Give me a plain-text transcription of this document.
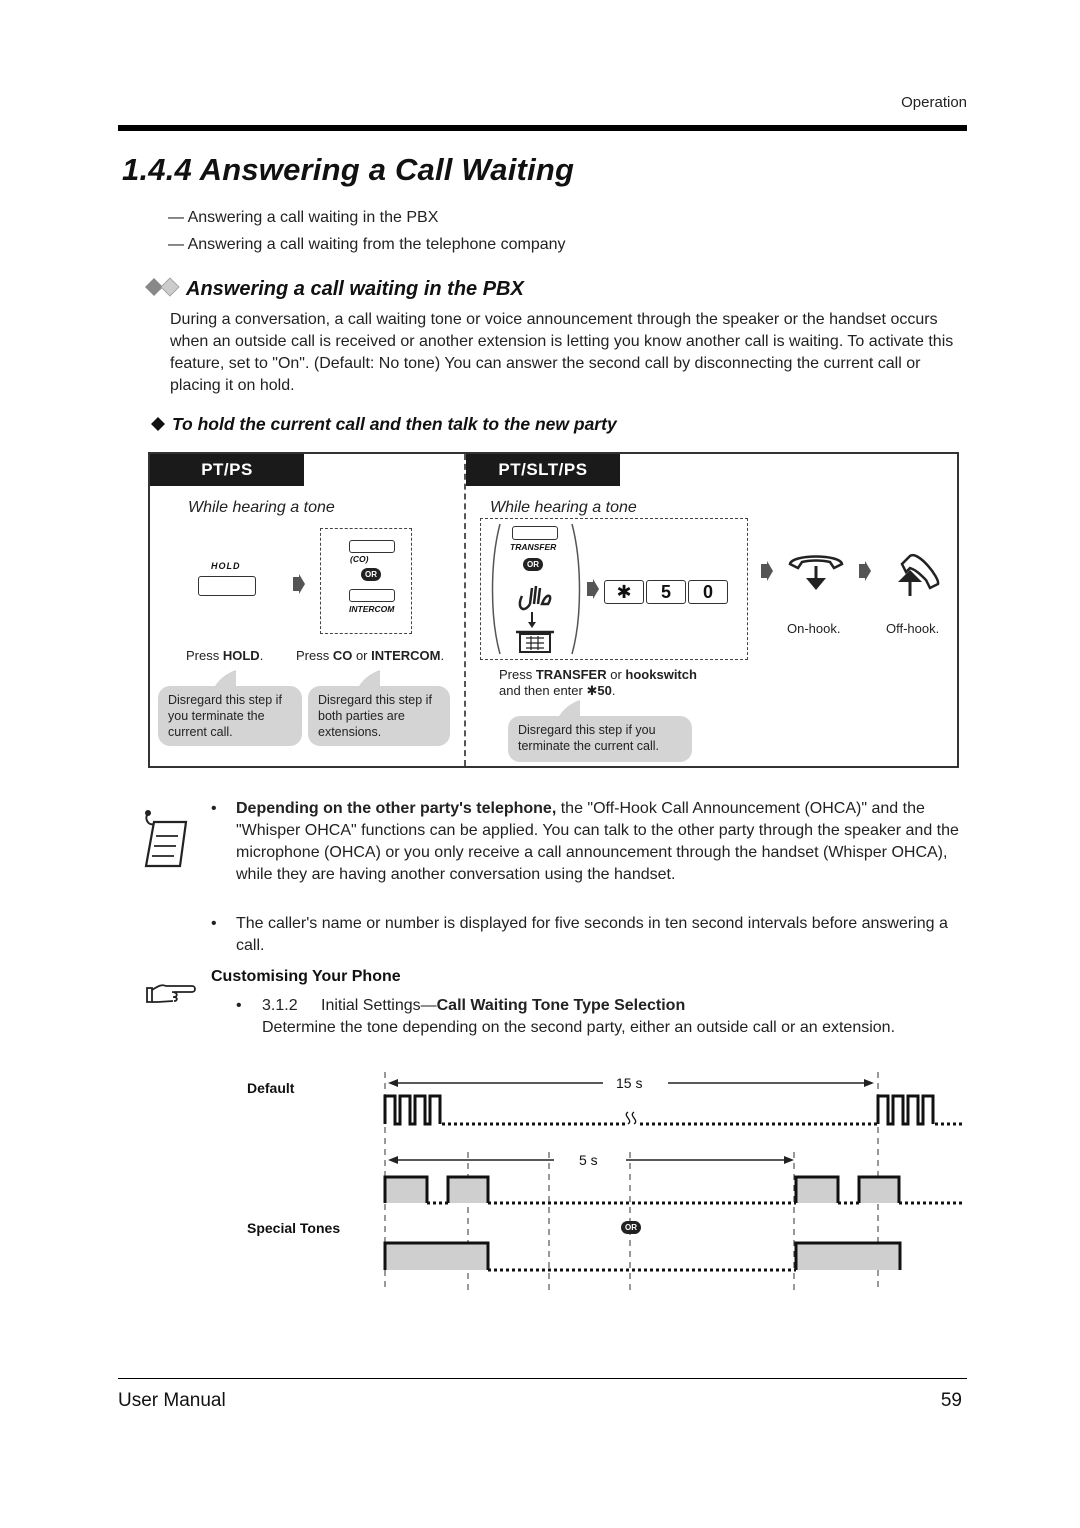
Operation
1.4.4 Answering a Call Waiting
— Answering a call waiting in the PBX
— Answering a call waiting from the telephone company
Answering a call waiting in the PBX
During a conversation, a call waiting tone or voice announcement through the speaker or the handset occurs when an outside call is received or another extension is letting you know another call is waiting. To activate this feature, set to "On". (Default: No tone) You can answer the second call by disconnecting the current call or placing it on hold.
To hold the current call and then talk to the new party
PT/PS
While hearing a tone
HOLD
(CO)
OR
INTERCOM
Press HOLD.	Press CO or INTERCOM.
Disregard this step if you terminate the current call.
Disregard this step if both parties are extensions.
PT/SLT/PS
While hearing a tone
TRANSFER
OR
✱	5	0
On-hook.	Off-hook.
Press TRANSFER or hookswitch
and then enter ✱50.
Disregard this step if you terminate the current call.
• Depending on the other party's telephone, the "Off-Hook Call Announcement (OHCA)" and the "Whisper OHCA" functions can be applied. You can talk to the other party through the speaker and the microphone (OHCA) or you only receive a call announcement through the handset (Whisper OHCA), while they are having another conversation using the handset.
• The caller's name or number is displayed for five seconds in ten second intervals before answering a call.
Customising Your Phone
• 3.1.2 Initial Settings—Call Waiting Tone Type Selection
Determine the tone depending on the second party, either an outside call or an extension.
Default
Special Tones
15 s
5 s
OR
User Manual	59
